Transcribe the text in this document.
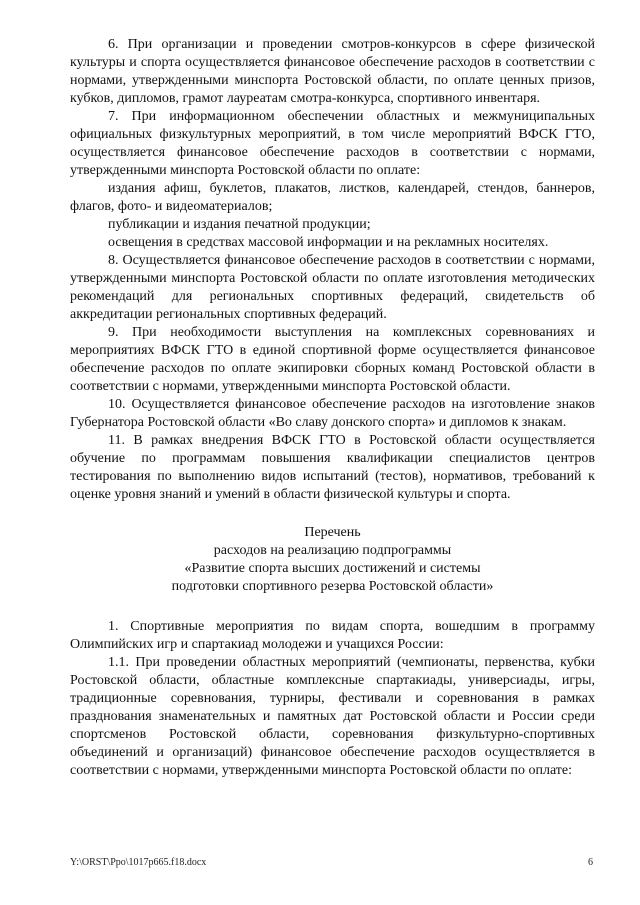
6. При организации и проведении смотров-конкурсов в сфере физической культуры и спорта осуществляется финансовое обеспечение расходов в соответствии с нормами, утвержденными минспорта Ростовской области, по оплате ценных призов, кубков, дипломов, грамот лауреатам смотра-конкурса, спортивного инвентаря.

7. При информационном обеспечении областных и межмуниципальных официальных физкультурных мероприятий, в том числе мероприятий ВФСК ГТО, осуществляется финансовое обеспечение расходов в соответствии с нормами, утвержденными минспорта Ростовской области по оплате:

издания афиш, буклетов, плакатов, листков, календарей, стендов, баннеров, флагов, фото- и видеоматериалов;

публикации и издания печатной продукции;

освещения в средствах массовой информации и на рекламных носителях.

8. Осуществляется финансовое обеспечение расходов в соответствии с нормами, утвержденными минспорта Ростовской области по оплате изготовления методических рекомендаций для региональных спортивных федераций, свидетельств об аккредитации региональных спортивных федераций.

9. При необходимости выступления на комплексных соревнованиях и мероприятиях ВФСК ГТО в единой спортивной форме осуществляется финансовое обеспечение расходов по оплате экипировки сборных команд Ростовской области в соответствии с нормами, утвержденными минспорта Ростовской области.

10. Осуществляется финансовое обеспечение расходов на изготовление знаков Губернатора Ростовской области «Во славу донского спорта» и дипломов к знакам.

11. В рамках внедрения ВФСК ГТО в Ростовской области осуществляется обучение по программам повышения квалификации специалистов центров тестирования по выполнению видов испытаний (тестов), нормативов, требований к оценке уровня знаний и умений в области физической культуры и спорта.

Перечень
расходов на реализацию подпрограммы
«Развитие спорта высших достижений и системы
подготовки спортивного резерва Ростовской области»

1. Спортивные мероприятия по видам спорта, вошедшим в программу Олимпийских игр и спартакиад молодежи и учащихся России:

1.1. При проведении областных мероприятий (чемпионаты, первенства, кубки Ростовской области, областные комплексные спартакиады, универсиады, игры, традиционные соревнования, турниры, фестивали и соревнования в рамках празднования знаменательных и памятных дат Ростовской области и России среди спортсменов Ростовской области, соревнования физкультурно-спортивных объединений и организаций) финансовое обеспечение расходов осуществляется в соответствии с нормами, утвержденными минспорта Ростовской области по оплате:

Y:\ORST\Ppo\1017p665.f18.docx	6
